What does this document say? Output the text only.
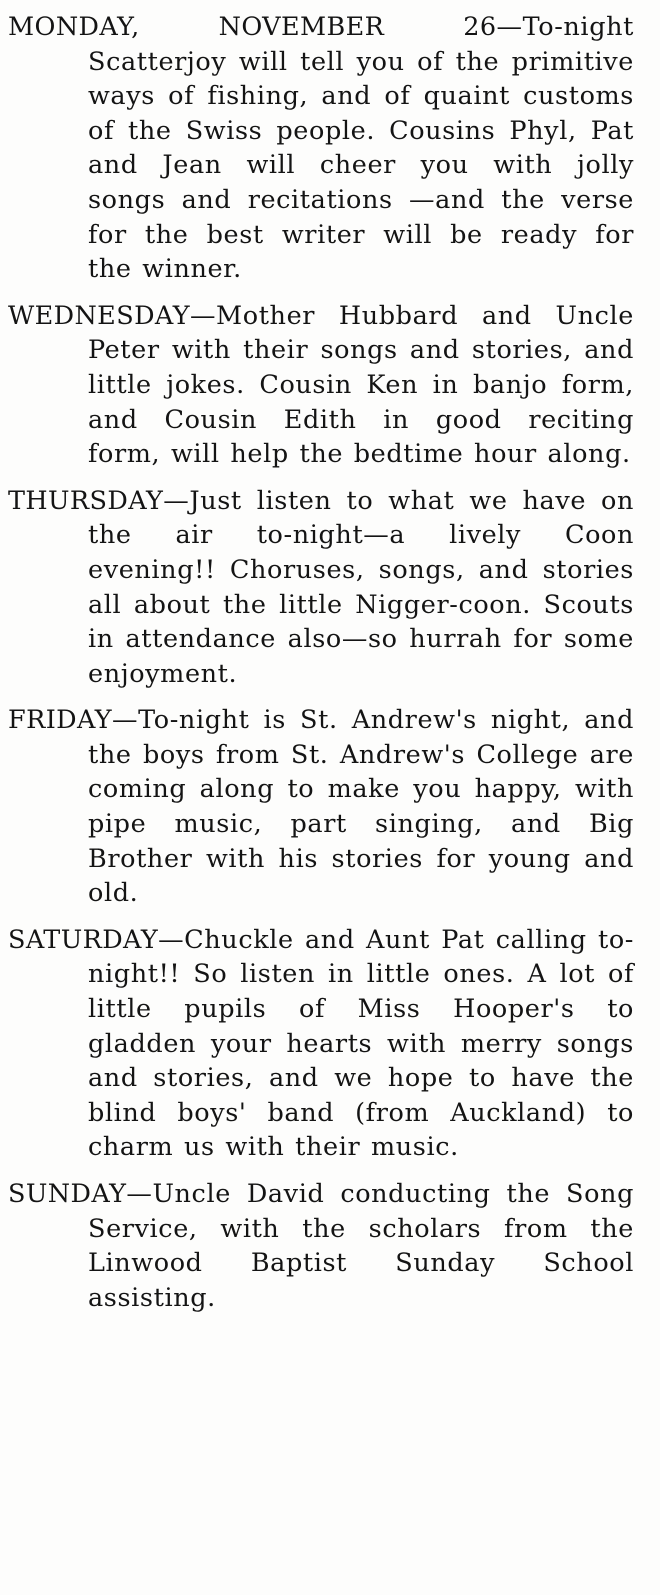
MONDAY, NOVEMBER 26—To-night Scatterjoy will tell you of the primitive ways of fishing, and of quaint customs of the Swiss people. Cousins Phyl, Pat and Jean will cheer you with jolly songs and recitations —and the verse for the best writer will be ready for the winner.

WEDNESDAY—Mother Hubbard and Uncle Peter with their songs and stories, and little jokes. Cousin Ken in banjo form, and Cousin Edith in good reciting form, will help the bedtime hour along.

THURSDAY—Just listen to what we have on the air to-night—a lively Coon evening!! Choruses, songs, and stories all about the little Nigger-coon. Scouts in attendance also—so hurrah for some enjoyment.

FRIDAY—To-night is St. Andrew's night, and the boys from St. Andrew's College are coming along to make you happy, with pipe music, part singing, and Big Brother with his stories for young and old.

SATURDAY—Chuckle and Aunt Pat calling to-night!! So listen in little ones. A lot of little pupils of Miss Hooper's to gladden your hearts with merry songs and stories, and we hope to have the blind boys' band (from Auckland) to charm us with their music.

SUNDAY—Uncle David conducting the Song Service, with the scholars from the Linwood Baptist Sunday School assisting.
